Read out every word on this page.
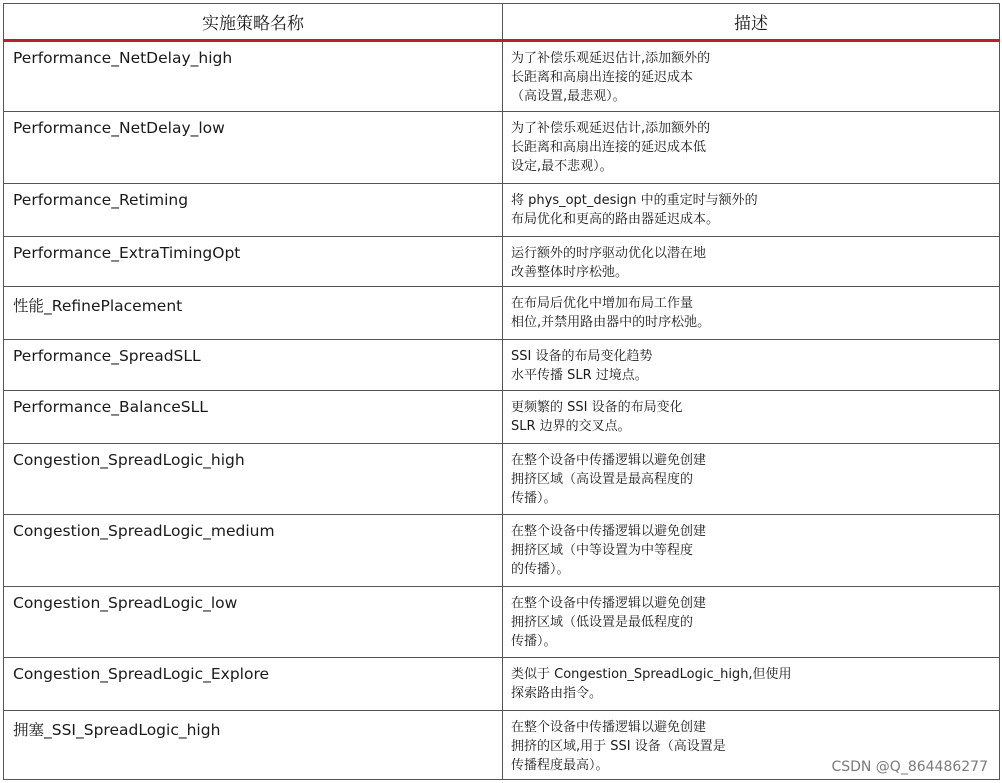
实施策略名称	描述
Performance_NetDelay_high	为了补偿乐观延迟估计,添加额外的
长距离和高扇出连接的延迟成本
（高设置,最悲观）。

Performance_NetDelay_low	为了补偿乐观延迟估计,添加额外的
长距离和高扇出连接的延迟成本低
设定,最不悲观）。

Performance_Retiming	将 phys_opt_design 中的重定时与额外的
布局优化和更高的路由器延迟成本。

Performance_ExtraTimingOpt	运行额外的时序驱动优化以潜在地
改善整体时序松弛。

性能_RefinePlacement	在布局后优化中增加布局工作量
相位,并禁用路由器中的时序松弛。

Performance_SpreadSLL	SSI 设备的布局变化趋势
水平传播 SLR 过境点。

Performance_BalanceSLL	更频繁的 SSI 设备的布局变化
SLR 边界的交叉点。

Congestion_SpreadLogic_high	在整个设备中传播逻辑以避免创建
拥挤区域（高设置是最高程度的
传播）。

Congestion_SpreadLogic_medium	在整个设备中传播逻辑以避免创建
拥挤区域（中等设置为中等程度
的传播）。

Congestion_SpreadLogic_low	在整个设备中传播逻辑以避免创建
拥挤区域（低设置是最低程度的
传播）。

Congestion_SpreadLogic_Explore	类似于 Congestion_SpreadLogic_high,但使用
探索路由指令。

拥塞_SSI_SpreadLogic_high	在整个设备中传播逻辑以避免创建
拥挤的区域,用于 SSI 设备（高设置是
传播程度最高）。	CSDN @Q_864486277
